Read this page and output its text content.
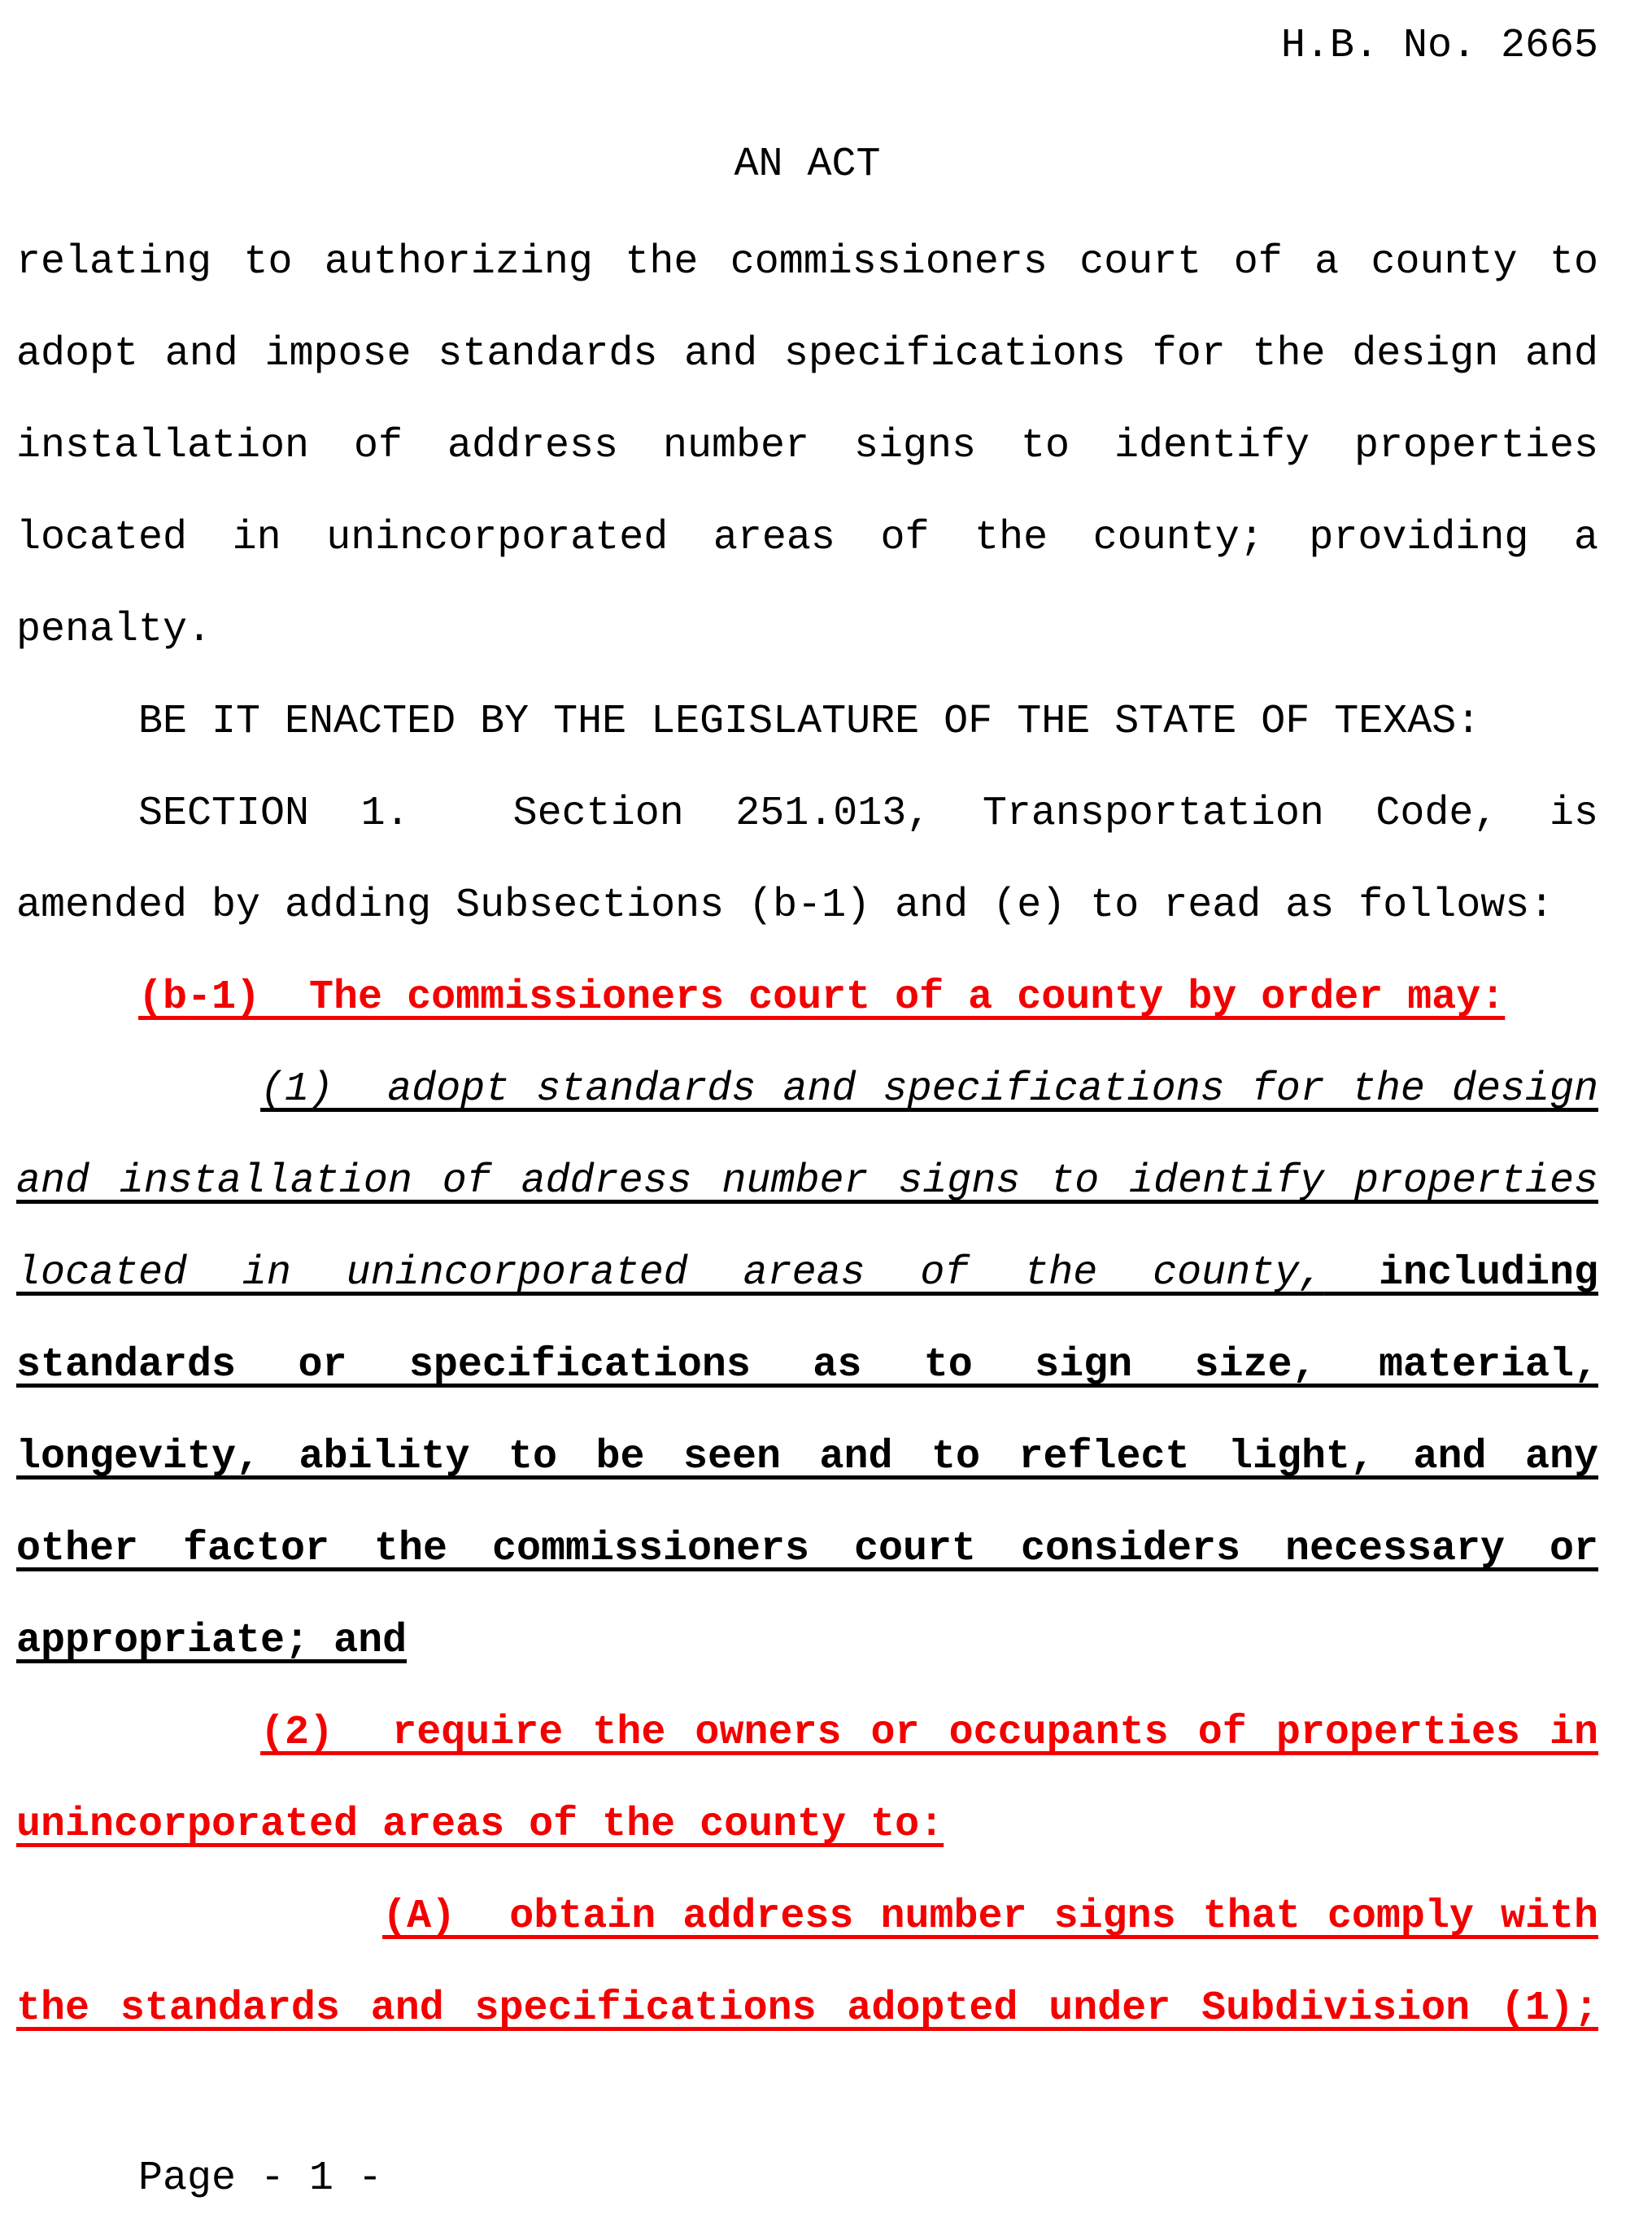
H.B. No. 2665
AN ACT
relating to authorizing the commissioners court of a county to
adopt and impose standards and specifications for the design and
installation of address number signs to identify properties
located in unincorporated areas of the county; providing a
penalty.
BE IT ENACTED BY THE LEGISLATURE OF THE STATE OF TEXAS:
SECTION 1.  Section 251.013, Transportation Code, is
amended by adding Subsections (b-1) and (e) to read as follows:
(b-1)  The commissioners court of a county by order may:
(1)  adopt standards and specifications for the design
and installation of address number signs to identify properties
located in unincorporated areas of the county, including
standards or specifications as to sign size, material,
longevity, ability to be seen and to reflect light, and any
other factor the commissioners court considers necessary or
appropriate; and
(2)  require the owners or occupants of properties in
unincorporated areas of the county to:
(A)  obtain address number signs that comply with
the standards and specifications adopted under Subdivision (1);
Page - 1 -
